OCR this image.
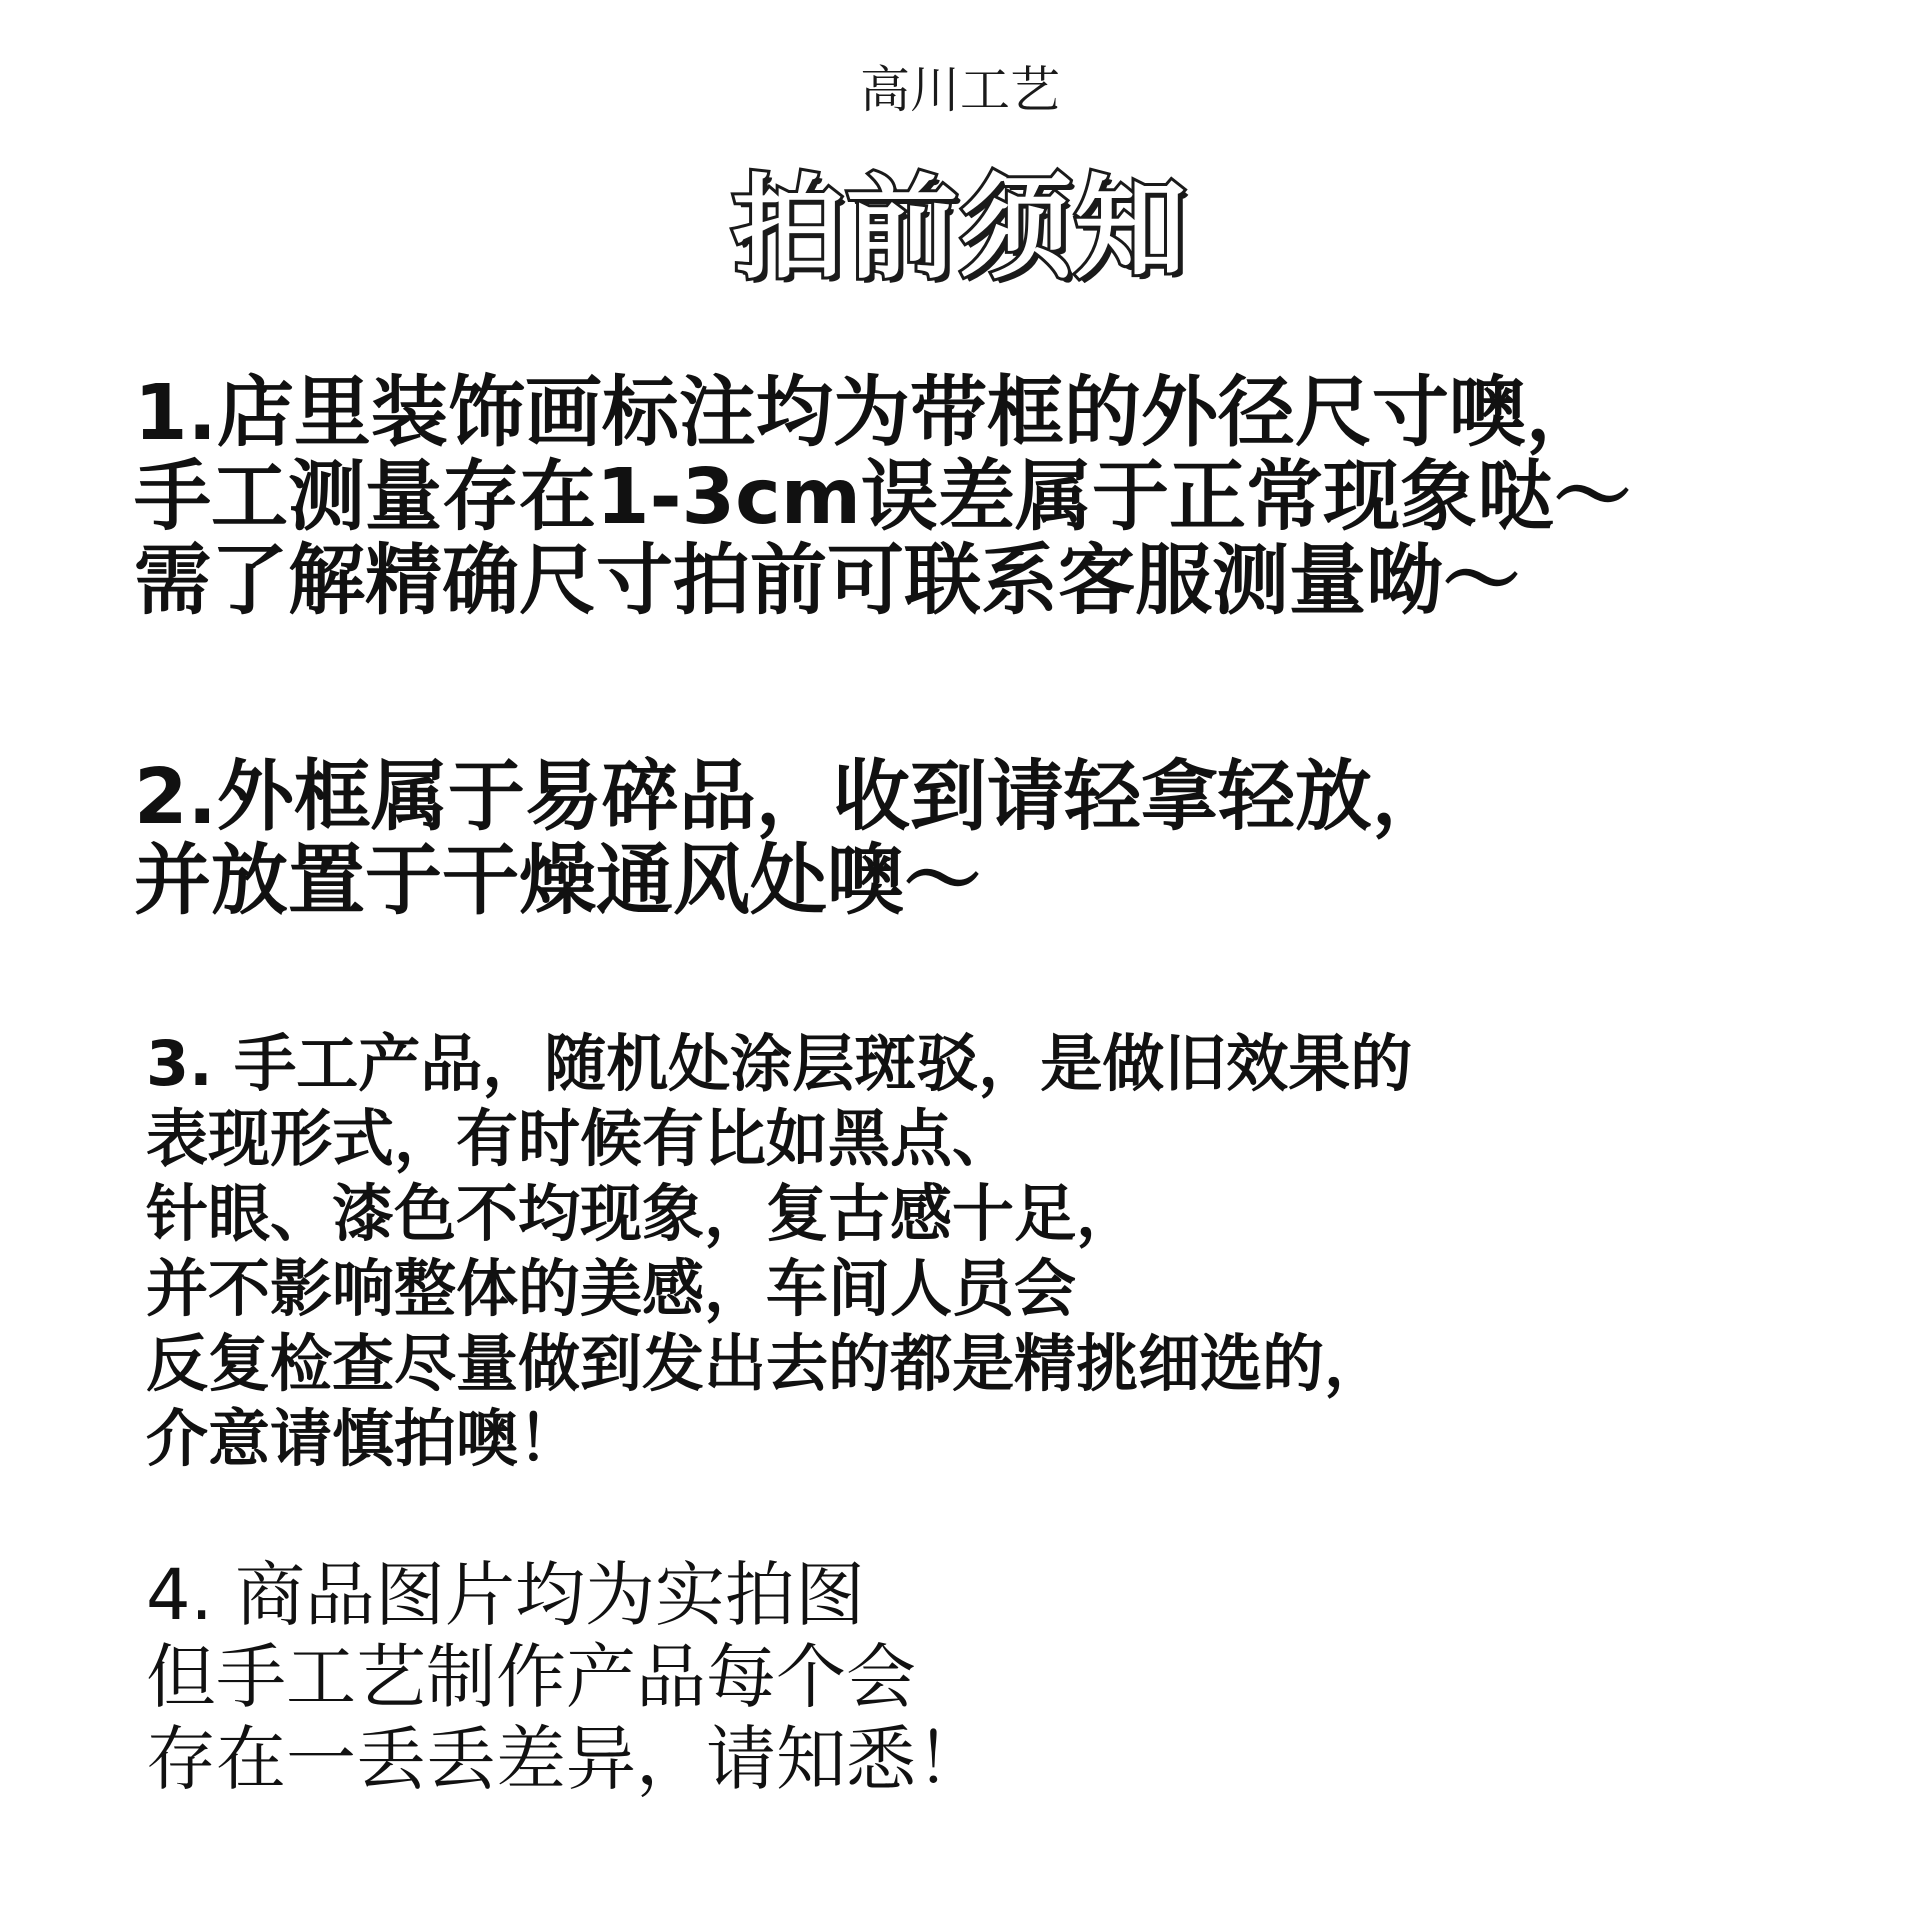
高川工艺
拍前须知
1.店里装饰画标注均为带框的外径尺寸噢，
手工测量存在1-3cm误差属于正常现象哒～
需了解精确尺寸拍前可联系客服测量呦～
2.外框属于易碎品，收到请轻拿轻放，
并放置于干燥通风处噢～
3. 手工产品，随机处涂层斑驳，是做旧效果的
表现形式，有时候有比如黑点、
针眼、漆色不均现象，复古感十足，
并不影响整体的美感，车间人员会
反复检查尽量做到发出去的都是精挑细选的，
介意请慎拍噢！
4. 商品图片均为实拍图
但手工艺制作产品每个会
存在一丢丢差异，请知悉！
